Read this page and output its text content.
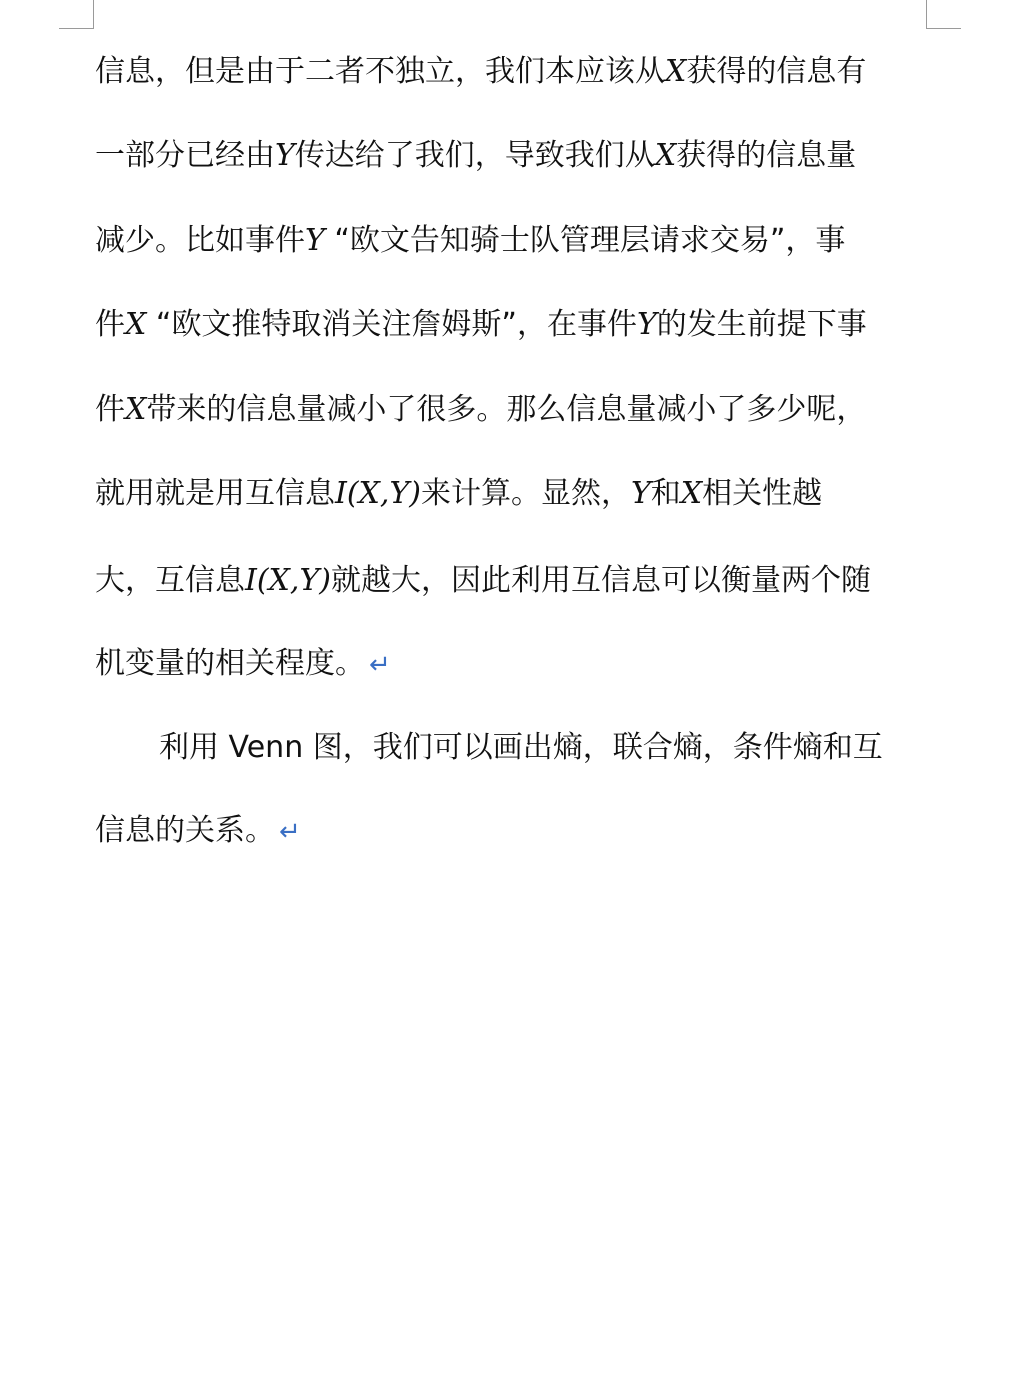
信息，但是由于二者不独立，我们本应该从X获得的信息有
一部分已经由Y传达给了我们，导致我们从X获得的信息量
减少。比如事件Y “欧文告知骑士队管理层请求交易”，事
件X “欧文推特取消关注詹姆斯”，在事件Y的发生前提下事
件X带来的信息量减小了很多。那么信息量减小了多少呢，
就用就是用互信息I(X,Y)来计算。显然，Y和X相关性越
大，互信息I(X,Y)就越大，因此利用互信息可以衡量两个随
机变量的相关程度。 ↵
利用 Venn 图，我们可以画出熵，联合熵，条件熵和互
信息的关系。 ↵
